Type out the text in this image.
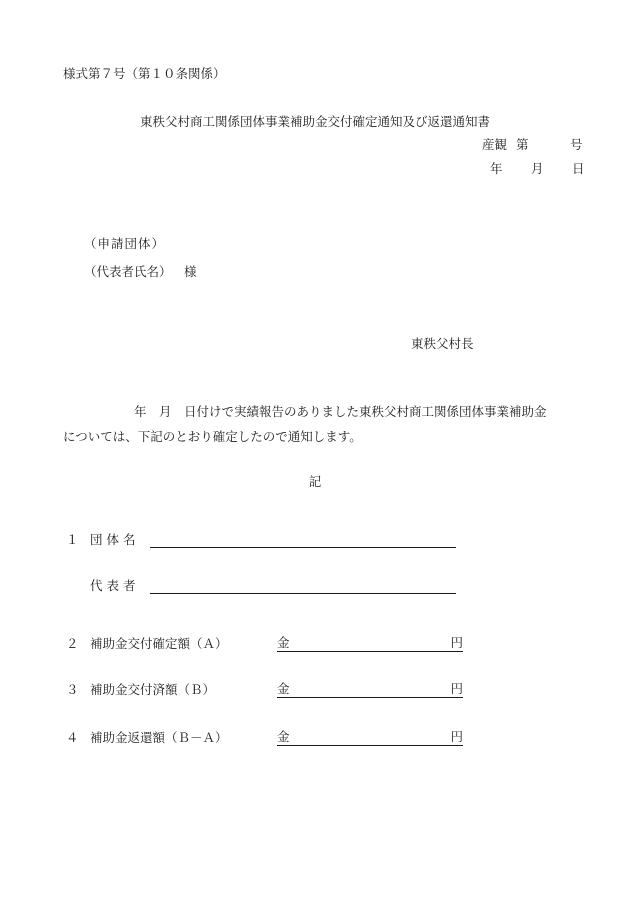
様式第７号（第１０条関係）
東秩父村商工関係団体事業補助金交付確定通知及び返還通知書
産観 第	号
年 月 日
（申請団体）
（代表者氏名） 様
東秩父村長
年　月　日付けで実績報告のありました東秩父村商工関係団体事業補助金
については、下記のとおり確定したので通知します。
記
１ 団 体 名
代 表 者
２ 補助金交付確定額（Ａ）	金	円
３ 補助金交付済額（Ｂ）	金	円
４ 補助金返還額（Ｂ－Ａ）	金	円
